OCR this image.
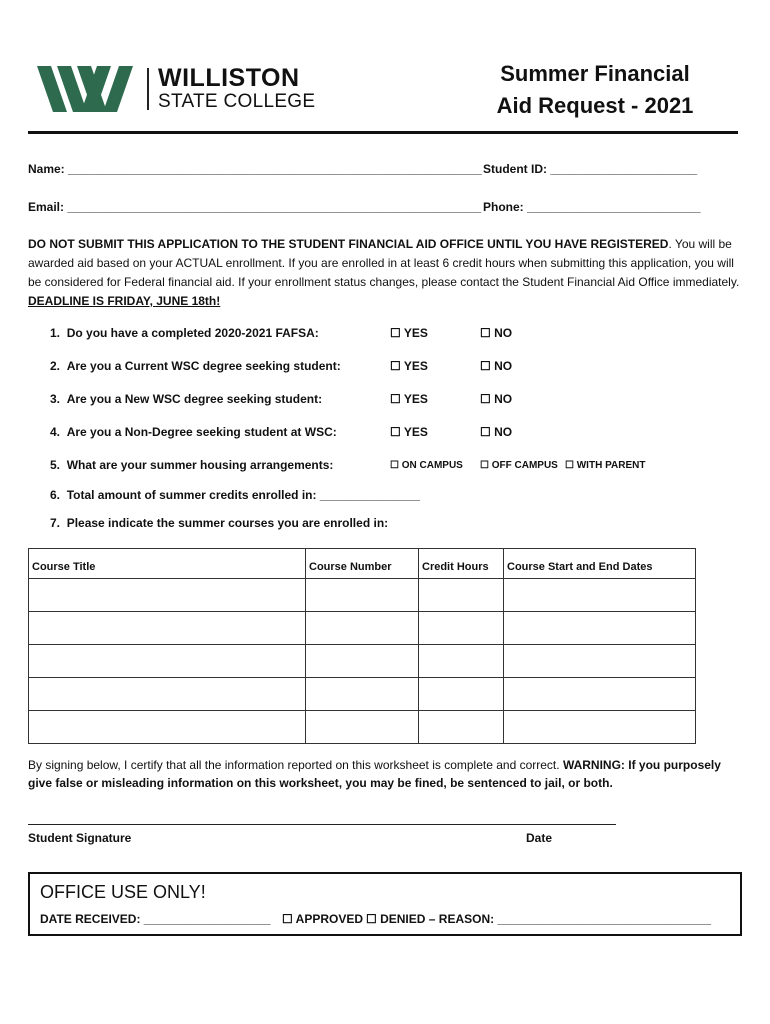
WILLISTON
STATE COLLEGE
Summer Financial
Aid Request - 2021
Name: ______________________________________________________________ Student ID: ______________________
Email: ______________________________________________________________ Phone: __________________________
DO NOT SUBMIT THIS APPLICATION TO THE STUDENT FINANCIAL AID OFFICE UNTIL YOU HAVE REGISTERED. You will be awarded aid based on your ACTUAL enrollment. If you are enrolled in at least 6 credit hours when submitting this application, you will be considered for Federal financial aid. If your enrollment status changes, please contact the Student Financial Aid Office immediately. DEADLINE IS FRIDAY, JUNE 18th!
1. Do you have a completed 2020-2021 FAFSA:	☐ YES	☐ NO
2. Are you a Current WSC degree seeking student:	☐ YES	☐ NO
3. Are you a New WSC degree seeking student:	☐ YES	☐ NO
4. Are you a Non-Degree seeking student at WSC:	☐ YES	☐ NO
5. What are your summer housing arrangements:	☐ ON CAMPUS ☐ OFF CAMPUS ☐ WITH PARENT
6. Total amount of summer credits enrolled in: _______________
7. Please indicate the summer courses you are enrolled in:
Course Title	Course Number	Credit Hours	Course Start and End Dates

By signing below, I certify that all the information reported on this worksheet is complete and correct. WARNING: If you purposely give false or misleading information on this worksheet, you may be fined, be sentenced to jail, or both.
Student Signature	Date
OFFICE USE ONLY!
DATE RECEIVED: ___________________ ☐ APPROVED ☐ DENIED – REASON: ________________________________
